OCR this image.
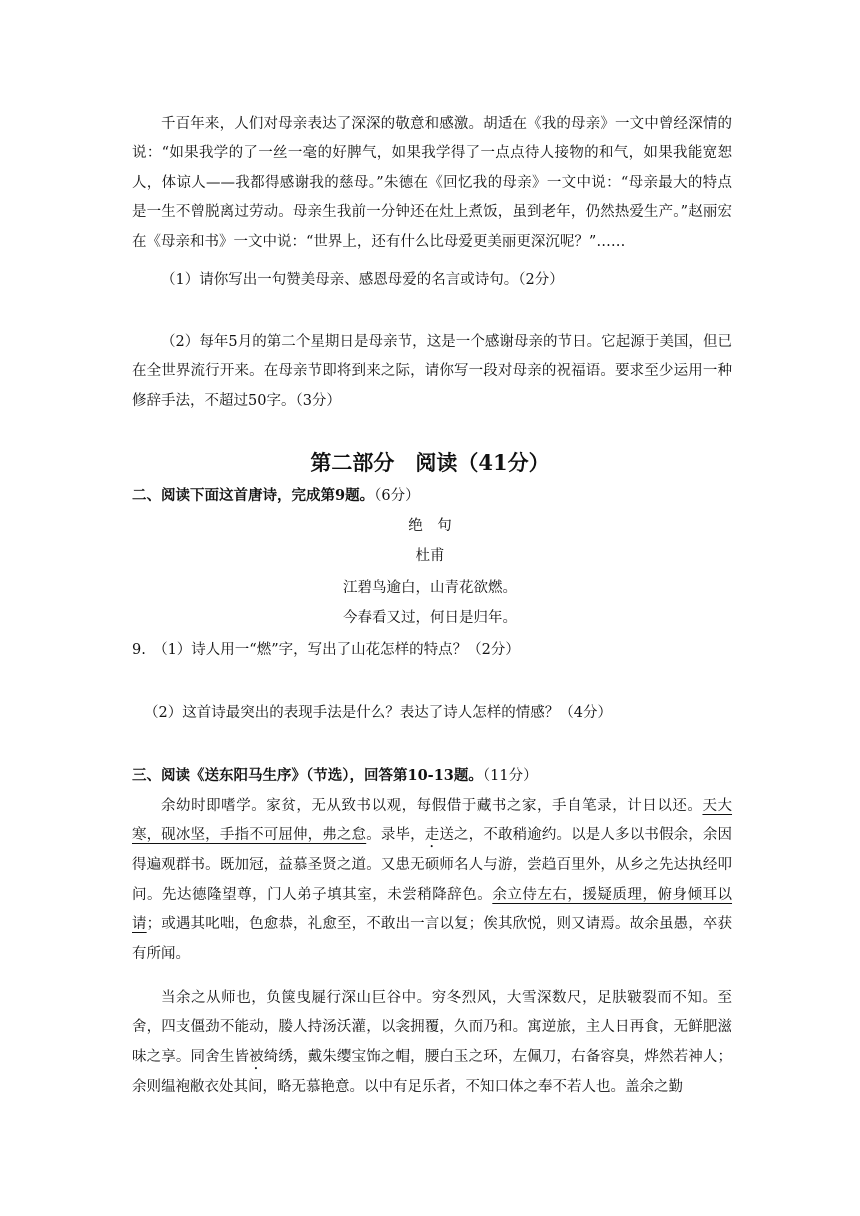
千百年来，人们对母亲表达了深深的敬意和感激。胡适在《我的母亲》一文中曾经深情的说：“如果我学的了一丝一毫的好脾气，如果我学得了一点点待人接物的和气，如果我能宽恕人，体谅人——我都得感谢我的慈母。”朱德在《回忆我的母亲》一文中说：“母亲最大的特点是一生不曾脱离过劳动。母亲生我前一分钟还在灶上煮饭，虽到老年，仍然热爱生产。”赵丽宏在《母亲和书》一文中说：“世界上，还有什么比母爱更美丽更深沉呢？”……
（1）请你写出一句赞美母亲、感恩母爱的名言或诗句。（2分）
（2）每年5月的第二个星期日是母亲节，这是一个感谢母亲的节日。它起源于美国，但已在全世界流行开来。在母亲节即将到来之际，请你写一段对母亲的祝福语。要求至少运用一种修辞手法，不超过50字。（3分）
第二部分　阅读（41分）
二、阅读下面这首唐诗，完成第9题。（6分）
绝　句
杜甫
江碧鸟逾白，山青花欲燃。
今春看又过，何日是归年。
9.　（1）诗人用一“燃”字，写出了山花怎样的特点？（2分）
（2）这首诗最突出的表现手法是什么？表达了诗人怎样的情感？（4分）
三、阅读《送东阳马生序》（节选），回答第10-13题。（11分）
余幼时即嗜学。家贫，无从致书以观，每假借于藏书之家，手自笔录，计日以还。天大寒，砚冰坚，手指不可屈伸，弗之怠。录毕，走送之，不敢稍逾约。以是人多以书假余，余因得遍观群书。既加冠，益慕圣贤之道。又患无硕师名人与游，尝趋百里外，从乡之先达执经叩问。先达德隆望尊，门人弟子填其室，未尝稍降辞色。余立侍左右，援疑质理，俯身倾耳以请；或遇其叱咄，色愈恭，礼愈至，不敢出一言以复；俟其欣悦，则又请焉。故余虽愚，卒获有所闻。
当余之从师也，负箧曳屣行深山巨谷中。穷冬烈风，大雪深数尺，足肤皲裂而不知。至舍，四支僵劲不能动，媵人持汤沃灌，以衾拥覆，久而乃和。寓逆旅，主人日再食，无鲜肥滋味之享。同舍生皆被绮绣，戴朱缨宝饰之帽，腰白玉之环，左佩刀，右备容臭，烨然若神人；余则缊袍敝衣处其间，略无慕艳意。以中有足乐者，不知口体之奉不若人也。盖余之勤
